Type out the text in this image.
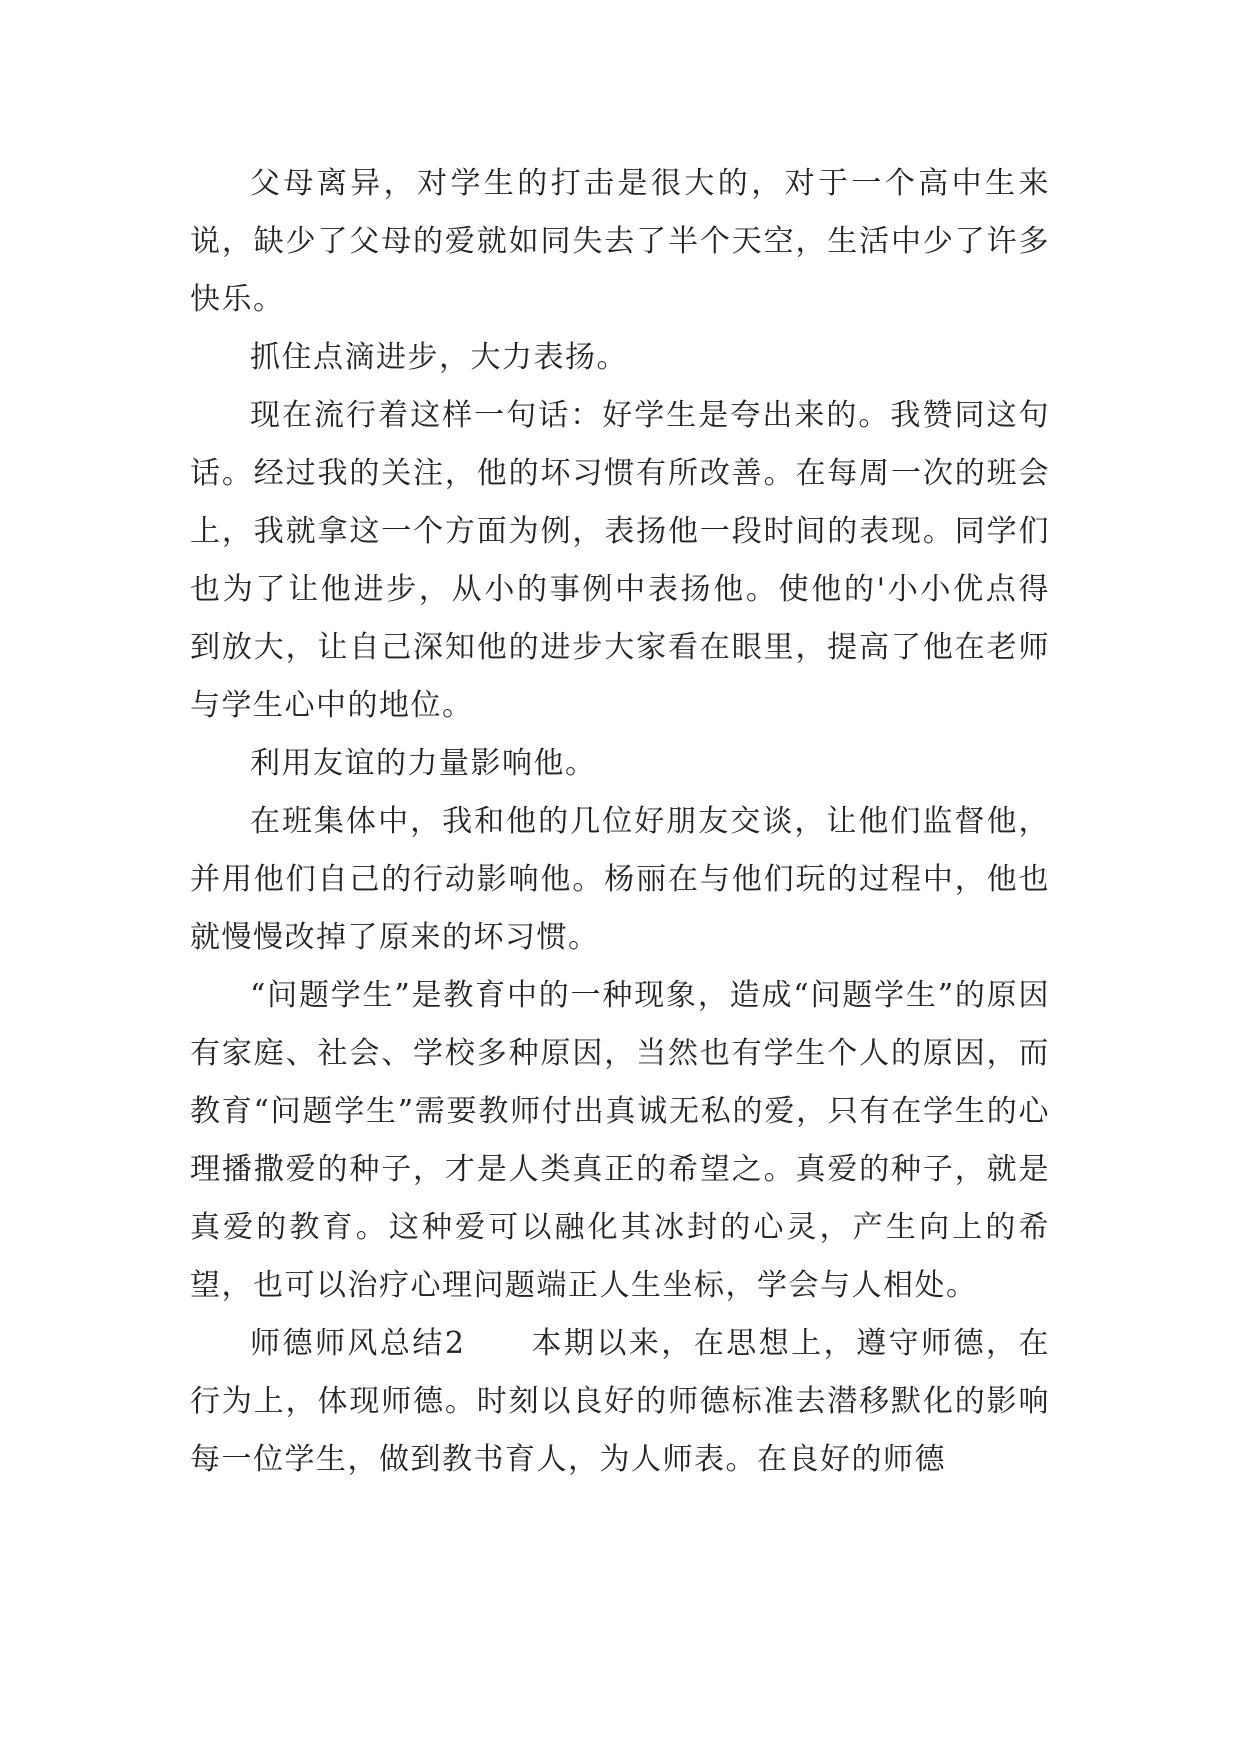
父母离异，对学生的打击是很大的，对于一个高中生来说，缺少了父母的爱就如同失去了半个天空，生活中少了许多快乐。

抓住点滴进步，大力表扬。

现在流行着这样一句话：好学生是夸出来的。我赞同这句话。经过我的关注，他的坏习惯有所改善。在每周一次的班会上，我就拿这一个方面为例，表扬他一段时间的表现。同学们也为了让他进步，从小的事例中表扬他。使他的'小小优点得到放大，让自己深知他的进步大家看在眼里，提高了他在老师与学生心中的地位。

利用友谊的力量影响他。

在班集体中，我和他的几位好朋友交谈，让他们监督他，并用他们自己的行动影响他。杨丽在与他们玩的过程中，他也就慢慢改掉了原来的坏习惯。

“问题学生”是教育中的一种现象，造成“问题学生”的原因有家庭、社会、学校多种原因，当然也有学生个人的原因，而教育“问题学生”需要教师付出真诚无私的爱，只有在学生的心理播撒爱的种子，才是人类真正的希望之。真爱的种子，就是真爱的教育。这种爱可以融化其冰封的心灵，产生向上的希望，也可以治疗心理问题端正人生坐标，学会与人相处。

师德师风总结2　　本期以来，在思想上，遵守师德，在行为上，体现师德。时刻以良好的师德标准去潜移默化的影响每一位学生，做到教书育人，为人师表。在良好的师德
